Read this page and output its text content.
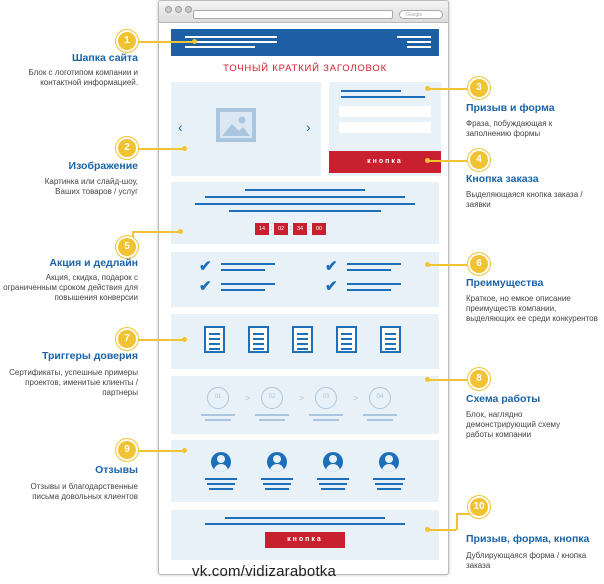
Google
ТОЧНЫЙ КРАТКИЙ ЗАГОЛОВОК
‹	›
кнопка
14 :	02 :	34 :	00
✔
✔
✔
✔
01	>	02	>	03	>	04
кнопка
1
Шапка сайта
Блок с логотипом компании и контактной информацией.
2
Изображение
Картинка или слайд-шоу, Ваших товаров / услуг
3
Призыв и форма
Фраза, побуждающая к заполнению формы
4
Кнопка заказа
Выделяющаяся кнопка заказа / заявки
5
Акция и дедлайн
Акция, скидка, подарок с ограниченным сроком действия для повышения конверсии
6
Преимущества
Краткое, но емкое описание преимуществ компании, выделяющих ее среди конкурентов
7
Триггеры доверия
Сертификаты, успешные примеры проектов, именитые клиенты / партнеры
8
Схема работы
Блок, наглядно демонстрирующий схему работы компании
9
Отзывы
Отзывы и благодарственные письма довольных клиентов
10
Призыв, форма, кнопка
Дублирующаяся форма / кнопка заказа
vk.com/vidizarabotka
